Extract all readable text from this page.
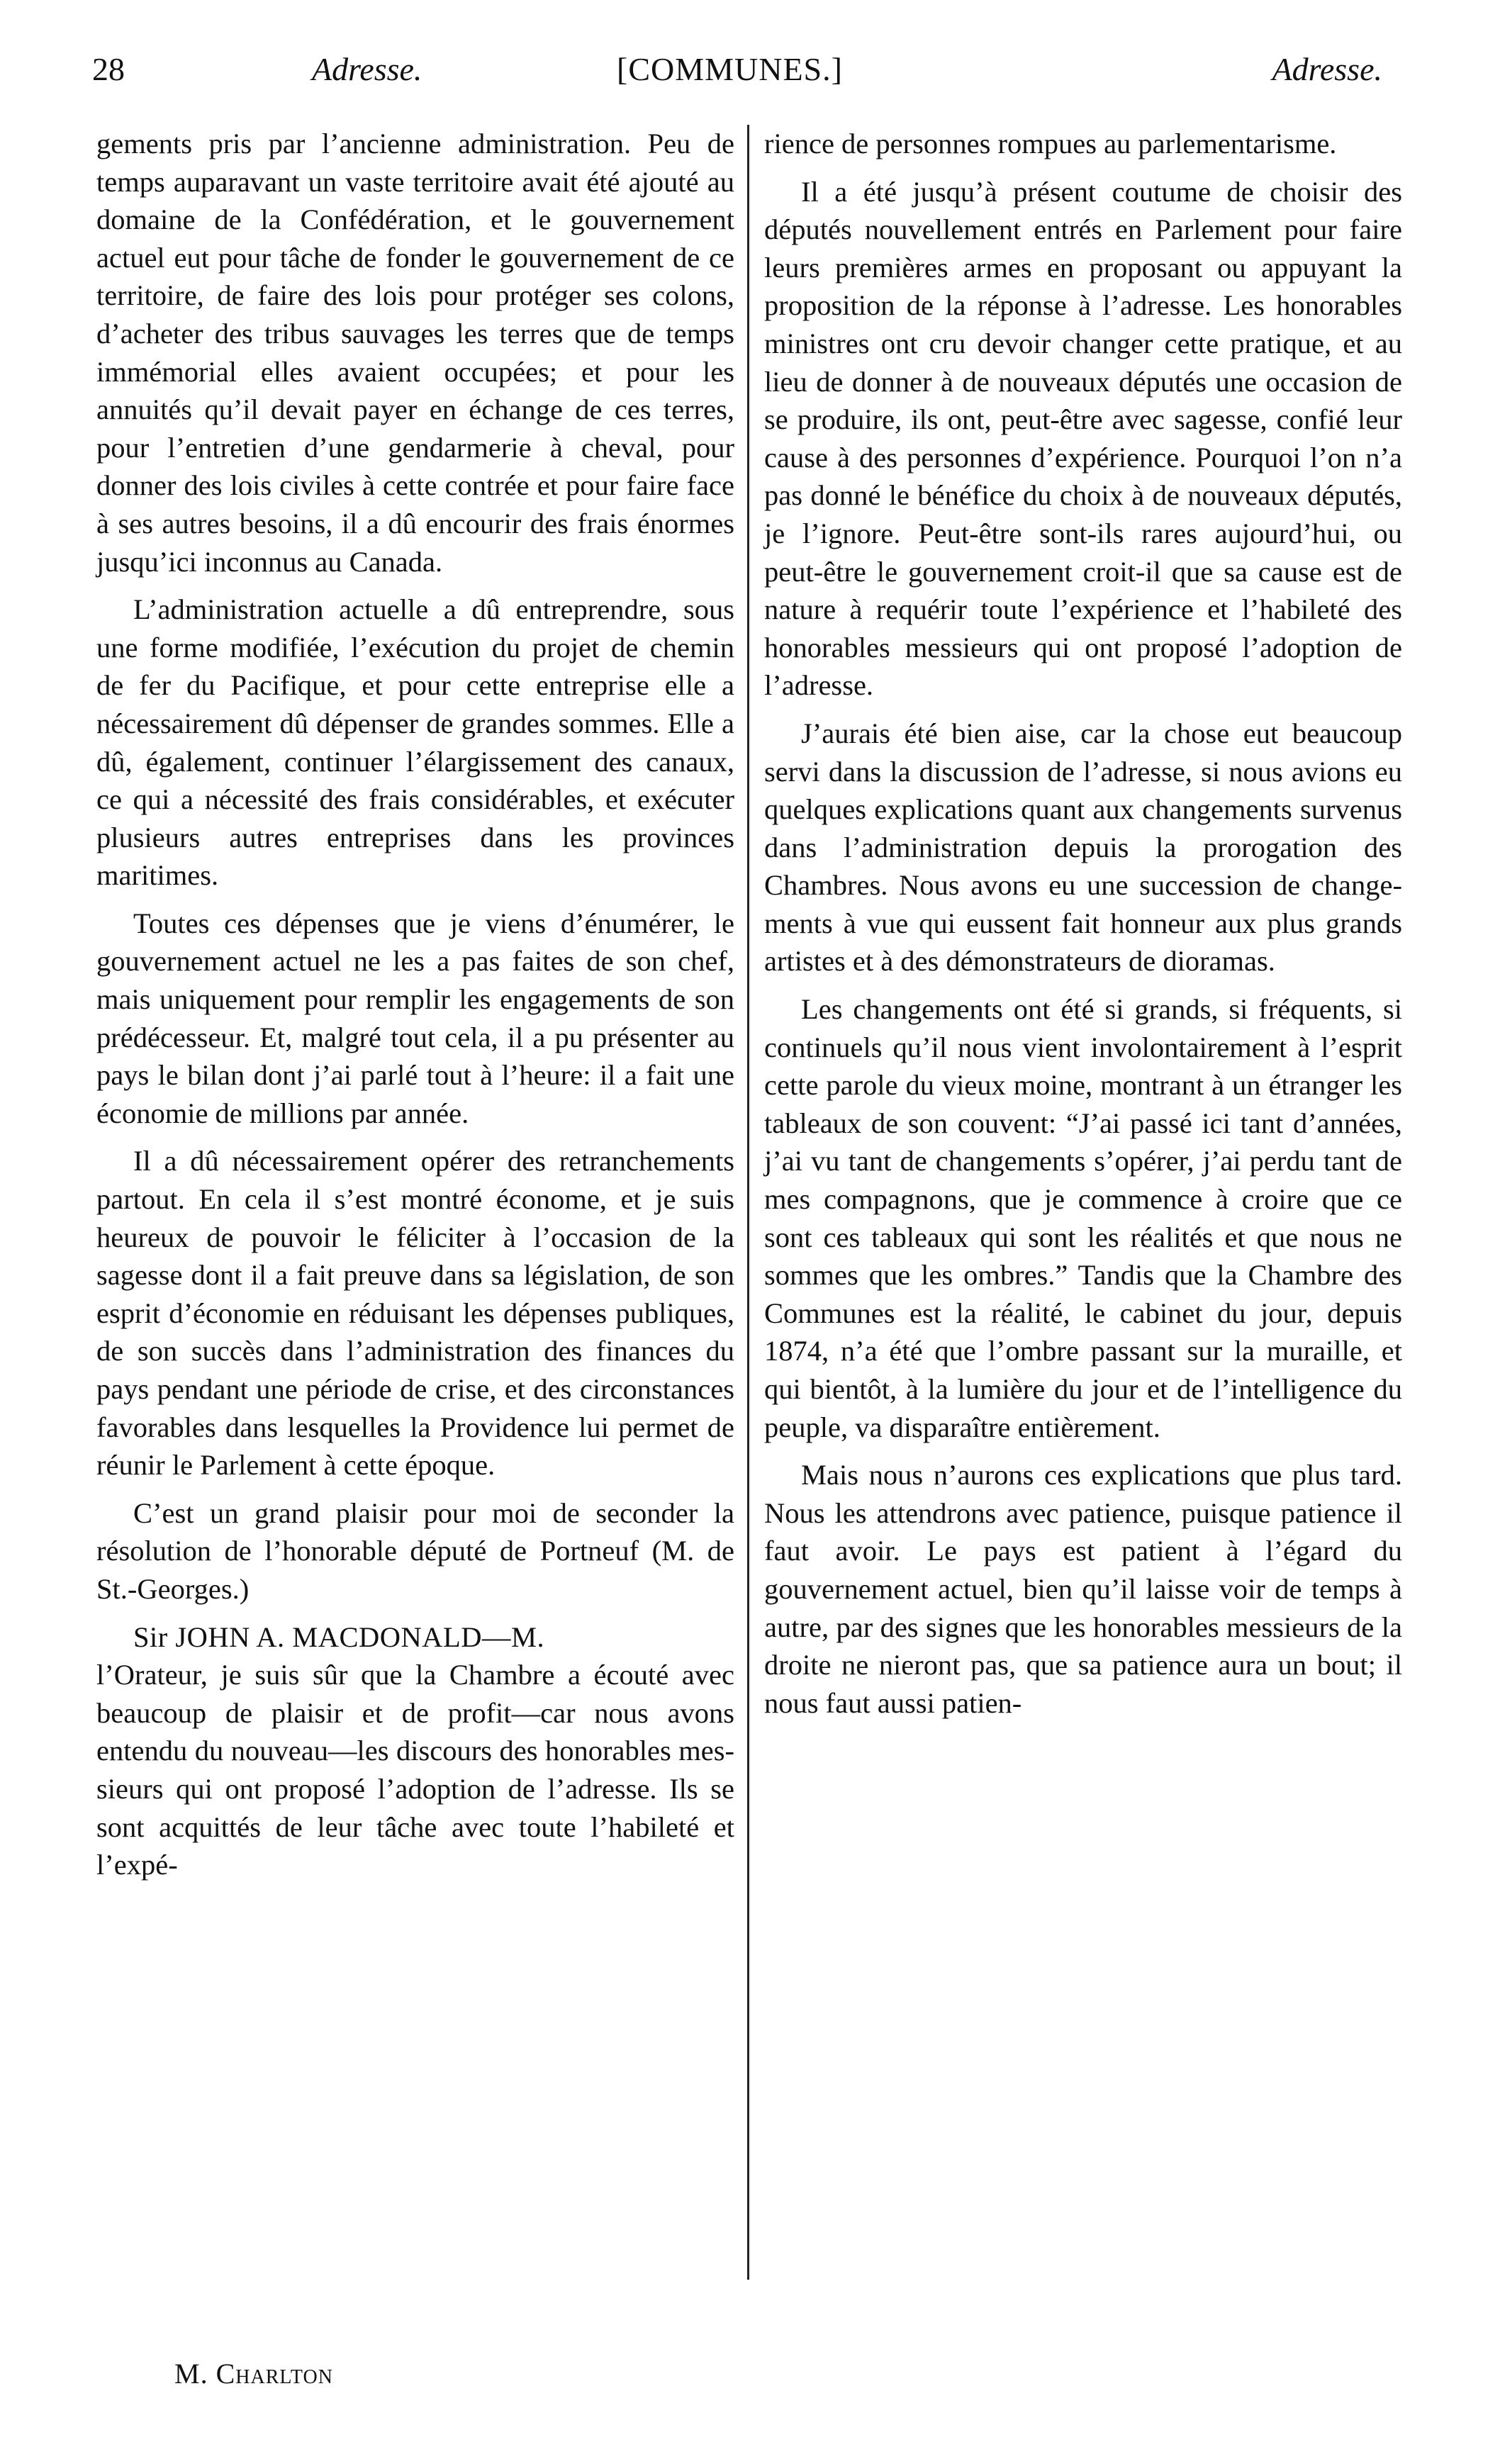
28	Adresse.	[COMMUNES.]	Adresse.

gements pris par l’ancienne administration. Peu de temps auparavant un vaste territoire avait été ajouté au domaine de la Confédération, et le gouvernement actuel eut pour tâche de fonder le gouvernement de ce territoire, de faire des lois pour protéger ses colons, d’acheter des tribus sauvages les terres que de temps immémorial elles avaient occupées; et pour les annuités qu’il devait payer en échange de ces terres, pour l’entretien d’une gendarmerie à cheval, pour donner des lois civiles à cette contrée et pour faire face à ses autres besoins, il a dû encourir des frais énormes jusqu’ici inconnus au Canada.

L’administration actuelle a dû entreprendre, sous une forme modifiée, l’exécution du projet de chemin de fer du Pacifique, et pour cette entreprise elle a nécessairement dû dépenser de grandes sommes. Elle a dû, également, continuer l’élargissement des canaux, ce qui a nécessité des frais considérables, et exécuter plusieurs autres entreprises dans les provinces maritimes.

Toutes ces dépenses que je viens d’énumérer, le gouvernement actuel ne les a pas faites de son chef, mais uniquement pour remplir les engagements de son prédécesseur. Et, malgré tout cela, il a pu présenter au pays le bilan dont j’ai parlé tout à l’heure: il a fait une économie de millions par année.

Il a dû nécessairement opérer des retranchements partout. En cela il s’est montré économe, et je suis heureux de pouvoir le féliciter à l’occasion de la sagesse dont il a fait preuve dans sa législation, de son esprit d’économie en réduisant les dépenses publiques, de son succès dans l’administration des finances du pays pendant une période de crise, et des circonstances favorables dans lesquelles la Providence lui permet de réunir le Parlement à cette époque.

C’est un grand plaisir pour moi de seconder la résolution de l’honorable député de Portneuf (M. de St.-Georges.)

Sir JOHN A. MACDONALD—M.

l’Orateur, je suis sûr que la Chambre a écouté avec beaucoup de plaisir et de profit—car nous avons entendu du nouveau—les discours des honorables messieurs qui ont proposé l’adoption de l’adresse. Ils se sont acquittés de leur tâche avec toute l’habileté et l’expé-

rience de personnes rompues au parlementarisme.

Il a été jusqu’à présent coutume de choisir des députés nouvellement entrés en Parlement pour faire leurs premières armes en proposant ou appuyant la proposition de la réponse à l’adresse. Les honorables ministres ont cru devoir changer cette pratique, et au lieu de donner à de nouveaux députés une occasion de se produire, ils ont, peut-être avec sagesse, confié leur cause à des personnes d’expérience. Pourquoi l’on n’a pas donné le bénéfice du choix à de nouveaux députés, je l’ignore. Peut-être sont-ils rares aujourd’hui, ou peut-être le gouvernement croit-il que sa cause est de nature à requérir toute l’expérience et l’habileté des honorables messieurs qui ont proposé l’adoption de l’adresse.

J’aurais été bien aise, car la chose eut beaucoup servi dans la discussion de l’adresse, si nous avions eu quelques explications quant aux changements survenus dans l’administration depuis la prorogation des Chambres. Nous avons eu une succession de changements à vue qui eussent fait honneur aux plus grands artistes et à des démonstrateurs de dioramas.

Les changements ont été si grands, si fréquents, si continuels qu’il nous vient involontairement à l’esprit cette parole du vieux moine, montrant à un étranger les tableaux de son couvent: “J’ai passé ici tant d’années, j’ai vu tant de changements s’opérer, j’ai perdu tant de mes compagnons, que je commence à croire que ce sont ces tableaux qui sont les réalités et que nous ne sommes que les ombres.” Tandis que la Chambre des Communes est la réalité, le cabinet du jour, depuis 1874, n’a été que l’ombre passant sur la muraille, et qui bientôt, à la lumière du jour et de l’intelligence du peuple, va disparaître entièrement.

Mais nous n’aurons ces explications que plus tard. Nous les attendrons avec patience, puisque patience il faut avoir. Le pays est patient à l’égard du gouvernement actuel, bien qu’il laisse voir de temps à autre, par des signes que les honorables messieurs de la droite ne nieront pas, que sa patience aura un bout; il nous faut aussi patien-

M. Charlton
